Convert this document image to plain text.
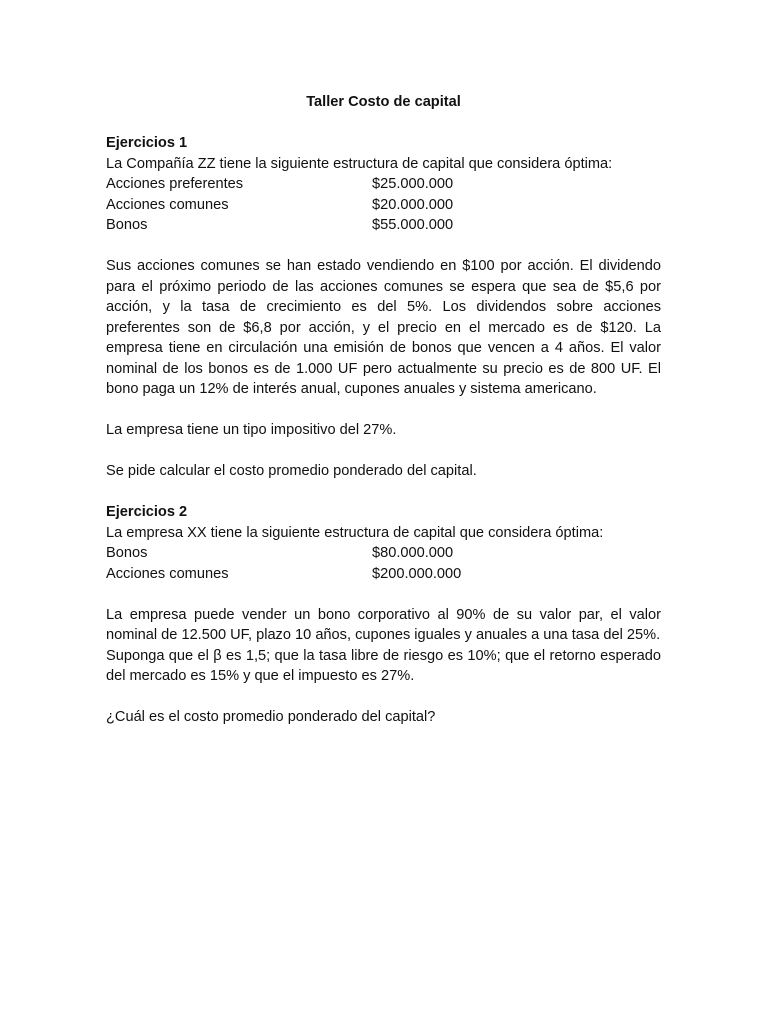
Taller Costo de capital

Ejercicios 1

La Compañía ZZ tiene la siguiente estructura de capital que considera óptima:

Acciones preferentes	$25.000.000
Acciones comunes	$20.000.000
Bonos	$55.000.000

Sus acciones comunes se han estado vendiendo en $100 por acción. El dividendo para el próximo periodo de las acciones comunes se espera que sea de $5,6 por acción, y la tasa de crecimiento es del 5%. Los dividendos sobre acciones preferentes son de $6,8 por acción, y el precio en el mercado es de $120. La empresa tiene en circulación una emisión de bonos que vencen a 4 años. El valor nominal de los bonos es de 1.000 UF pero actualmente su precio es de 800 UF. El bono paga un 12% de interés anual, cupones anuales y sistema americano.

La empresa tiene un tipo impositivo del 27%.

Se pide calcular el costo promedio ponderado del capital.

Ejercicios 2

La empresa XX tiene la siguiente estructura de capital que considera óptima:

Bonos	$80.000.000
Acciones comunes	$200.000.000

La empresa puede vender un bono corporativo al 90% de su valor par, el valor nominal de 12.500 UF, plazo 10 años, cupones iguales y anuales a una tasa del 25%.

Suponga que el β es 1,5; que la tasa libre de riesgo es 10%; que el retorno esperado del mercado es 15% y que el impuesto es 27%.

¿Cuál es el costo promedio ponderado del capital?
